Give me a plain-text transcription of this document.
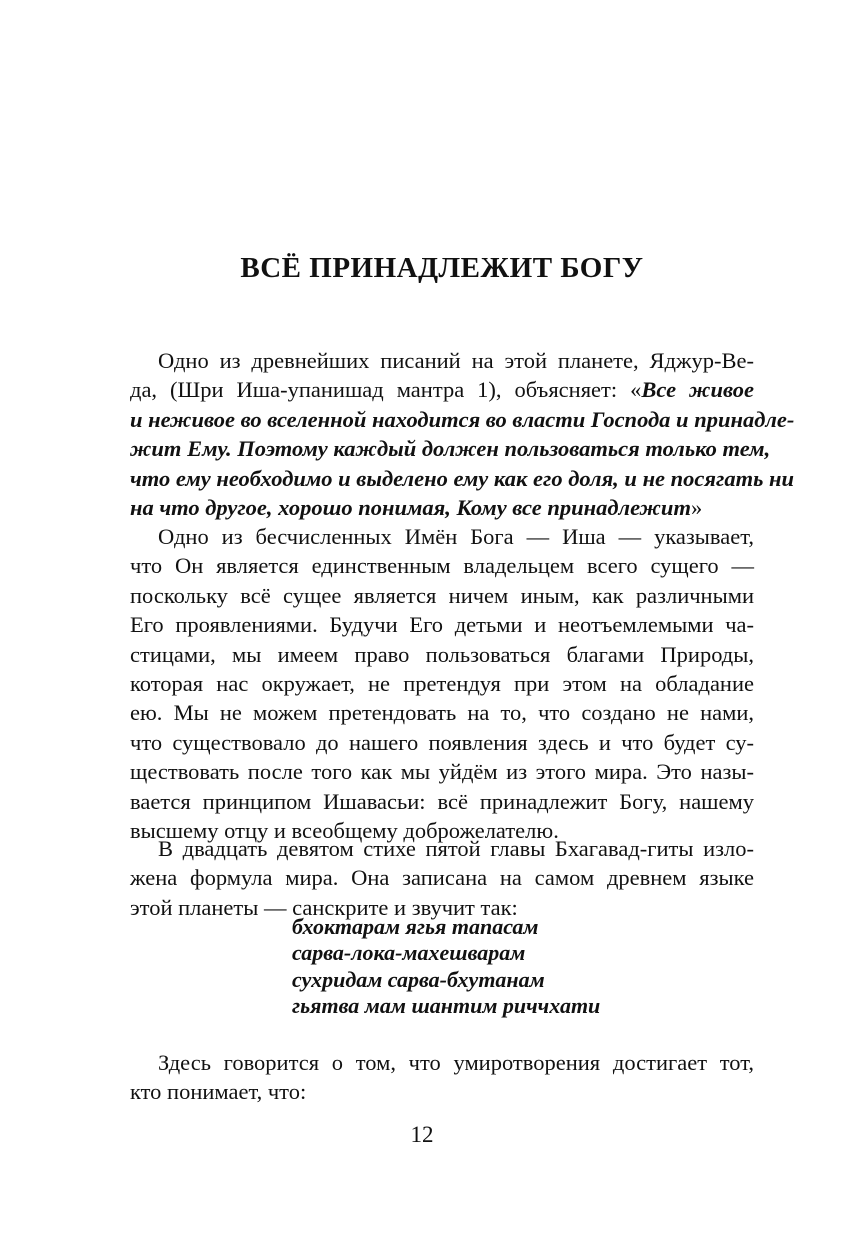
ВСЁ ПРИНАДЛЕЖИТ БОГУ
Одно из древнейших писаний на этой планете, Яджур-Ве-
да, (Шри Иша-упанишад мантра 1), объясняет: «Все живое
и неживое во вселенной находится во власти Господа и принадле-
жит Ему. Поэтому каждый должен пользоваться только тем,
что ему необходимо и выделено ему как его доля, и не посягать ни
на что другое, хорошо понимая, Кому все принадлежит»
Одно из бесчисленных Имён Бога — Иша — указывает,
что Он является единственным владельцем всего сущего —
поскольку всё сущее является ничем иным, как различными
Его проявлениями. Будучи Его детьми и неотъемлемыми ча-
стицами, мы имеем право пользоваться благами Природы,
которая нас окружает, не претендуя при этом на обладание
ею. Мы не можем претендовать на то, что создано не нами,
что существовало до нашего появления здесь и что будет су-
ществовать после того как мы уйдём из этого мира. Это назы-
вается принципом Ишавасьи: всё принадлежит Богу, нашему
высшему отцу и всеобщему доброжелателю.
В двадцать девятом стихе пятой главы Бхагавад-гиты изло-
жена формула мира. Она записана на самом древнем языке
этой планеты — санскрите и звучит так:
бхоктарам ягья тапасам
сарва-лока-махешварам
сухридам сарва-бхутанам
гьятва мам шантим риччхати
Здесь говорится о том, что умиротворения достигает тот,
кто понимает, что:
12
